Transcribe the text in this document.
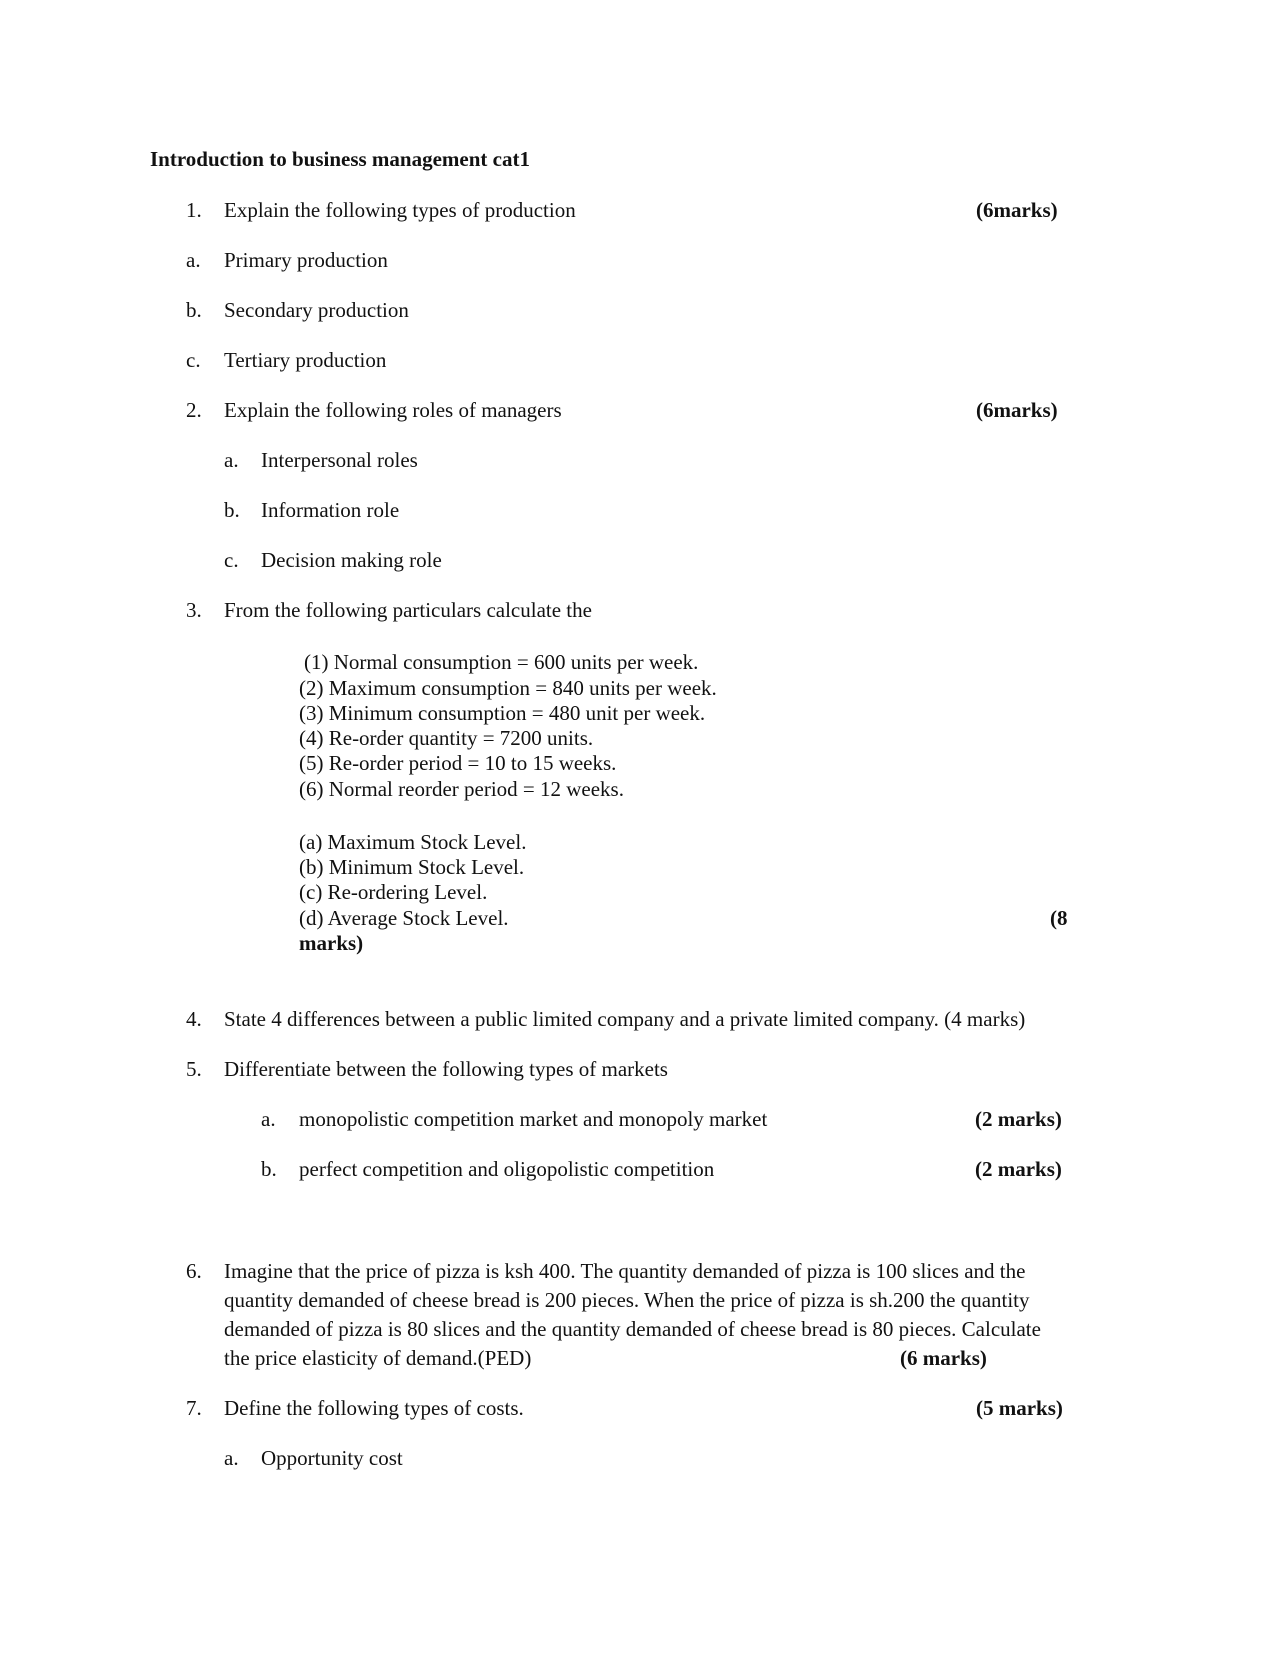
Introduction to business management cat1
1. Explain the following types of production	(6marks)
a. Primary production
b. Secondary production
c. Tertiary production
2. Explain the following roles of managers	(6marks)
a. Interpersonal roles
b. Information role
c. Decision making role
3. From the following particulars calculate the
(1) Normal consumption = 600 units per week.
(2) Maximum consumption = 840 units per week.
(3) Minimum consumption = 480 unit per week.
(4) Re-order quantity = 7200 units.
(5) Re-order period = 10 to 15 weeks.
(6) Normal reorder period = 12 weeks.
(a) Maximum Stock Level.
(b) Minimum Stock Level.
(c) Re-ordering Level.
(d) Average Stock Level.	(8
marks)
4. State 4 differences between a public limited company and a private limited company. (4 marks)
5. Differentiate between the following types of markets
a. monopolistic competition market and monopoly market	(2 marks)
b. perfect competition and oligopolistic competition	(2 marks)
6. Imagine that the price of pizza is ksh 400. The quantity demanded of pizza is 100 slices and the
quantity demanded of cheese bread is 200 pieces. When the price of pizza is sh.200 the quantity
demanded of pizza is 80 slices and the quantity demanded of cheese bread is 80 pieces. Calculate
the price elasticity of demand.(PED)	(6 marks)
7. Define the following types of costs.	(5 marks)
a. Opportunity cost
